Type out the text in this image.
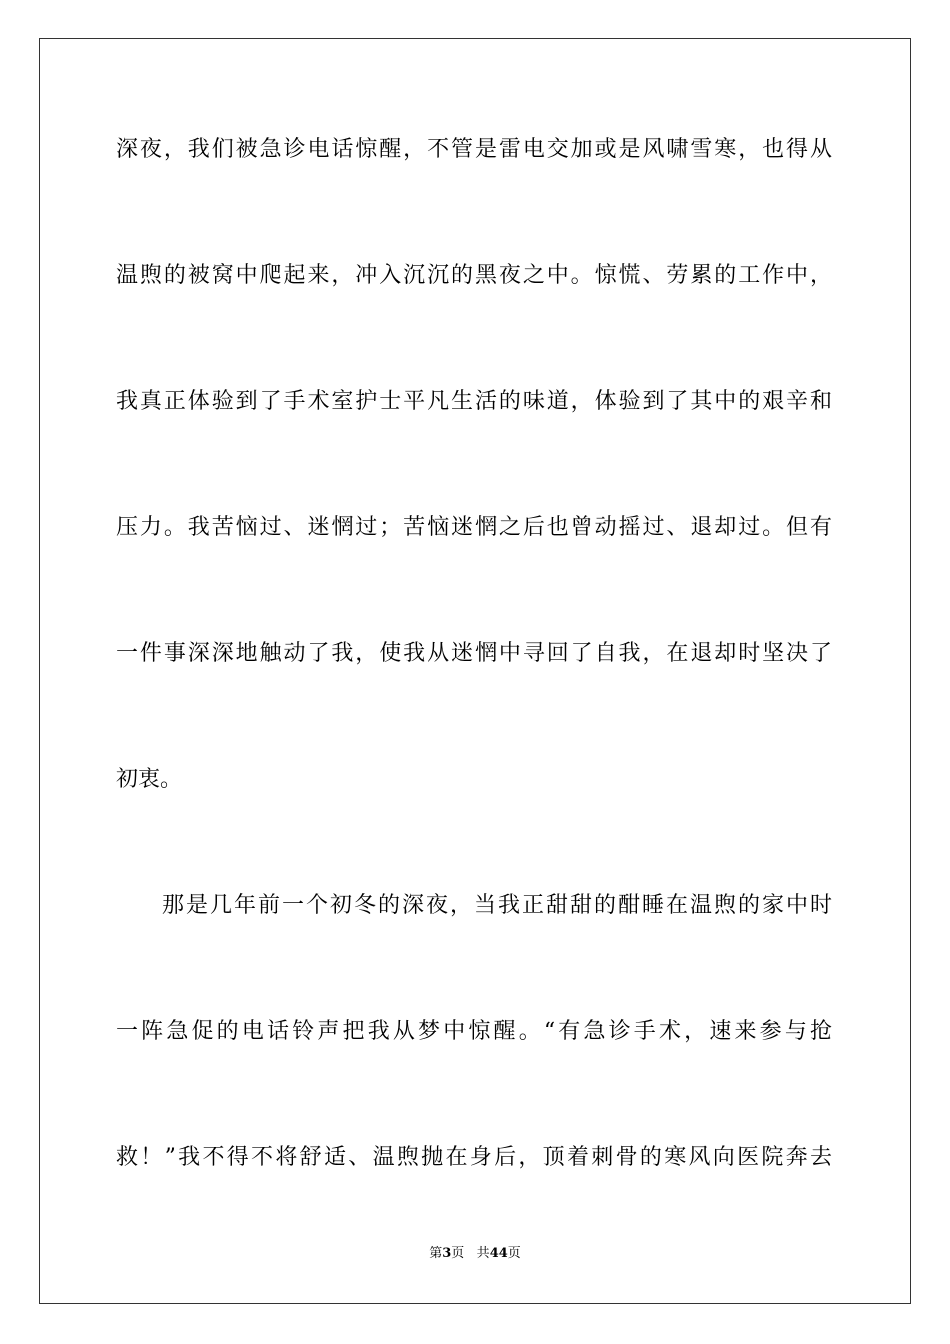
深夜，我们被急诊电话惊醒，不管是雷电交加或是风啸雪寒，也得从
温煦的被窝中爬起来，冲入沉沉的黑夜之中。惊慌、劳累的工作中，
我真正体验到了手术室护士平凡生活的味道，体验到了其中的艰辛和
压力。我苦恼过、迷惘过；苦恼迷惘之后也曾动摇过、退却过。但有
一件事深深地触动了我，使我从迷惘中寻回了自我，在退却时坚决了
初衷。
那是几年前一个初冬的深夜，当我正甜甜的酣睡在温煦的家中时
一阵急促的电话铃声把我从梦中惊醒。“有急诊手术，速来参与抢
救！”我不得不将舒适、温煦抛在身后，顶着刺骨的寒风向医院奔去
第3页 共44页
